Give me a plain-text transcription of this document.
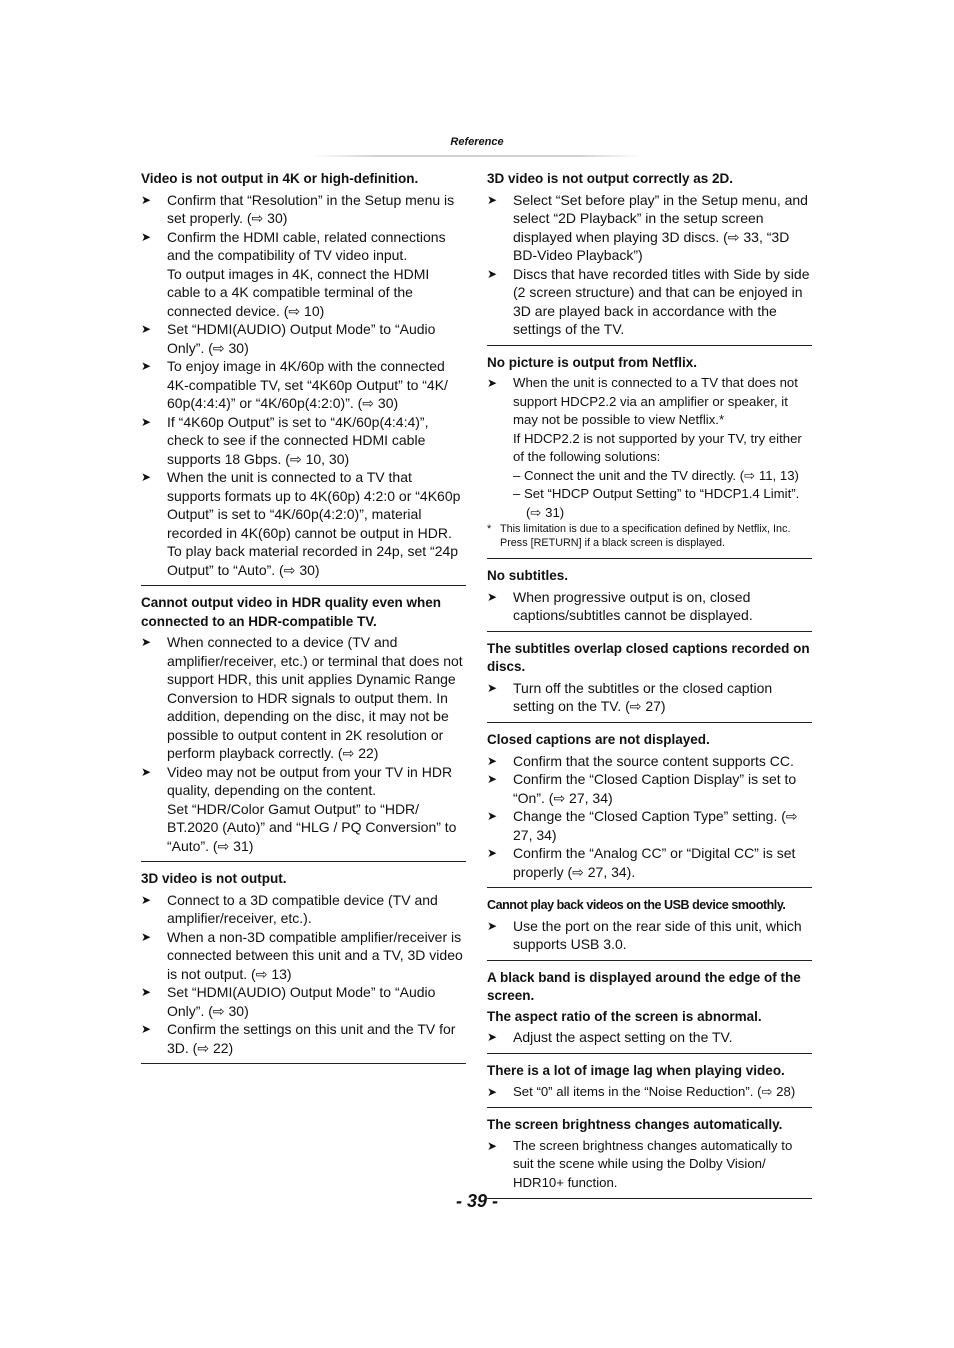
Reference
Video is not output in 4K or high-definition.
➤ Confirm that “Resolution” in the Setup menu is set properly. (⇨ 30)
➤ Confirm the HDMI cable, related connections and the compatibility of TV video input.
To output images in 4K, connect the HDMI cable to a 4K compatible terminal of the connected device. (⇨ 10)
➤ Set “HDMI(AUDIO) Output Mode” to “Audio Only”. (⇨ 30)
➤ To enjoy image in 4K/60p with the connected 4K-compatible TV, set “4K60p Output” to “4K/ 60p(4:4:4)” or “4K/60p(4:2:0)”. (⇨ 30)
➤ If “4K60p Output” is set to “4K/60p(4:4:4)”, check to see if the connected HDMI cable supports 18 Gbps. (⇨ 10, 30)
➤ When the unit is connected to a TV that supports formats up to 4K(60p) 4:2:0 or “4K60p Output” is set to “4K/60p(4:2:0)”, material recorded in 4K(60p) cannot be output in HDR.
To play back material recorded in 24p, set “24p Output” to “Auto”. (⇨ 30)
Cannot output video in HDR quality even when connected to an HDR-compatible TV.
➤ When connected to a device (TV and amplifier/receiver, etc.) or terminal that does not support HDR, this unit applies Dynamic Range Conversion to HDR signals to output them. In addition, depending on the disc, it may not be possible to output content in 2K resolution or perform playback correctly. (⇨ 22)
➤ Video may not be output from your TV in HDR quality, depending on the content.
Set “HDR/Color Gamut Output” to “HDR/ BT.2020 (Auto)” and “HLG / PQ Conversion” to “Auto”. (⇨ 31)
3D video is not output.
➤ Connect to a 3D compatible device (TV and amplifier/receiver, etc.).
➤ When a non-3D compatible amplifier/receiver is connected between this unit and a TV, 3D video is not output. (⇨ 13)
➤ Set “HDMI(AUDIO) Output Mode” to “Audio Only”. (⇨ 30)
➤ Confirm the settings on this unit and the TV for 3D. (⇨ 22)
3D video is not output correctly as 2D.
➤ Select “Set before play” in the Setup menu, and select “2D Playback” in the setup screen displayed when playing 3D discs. (⇨ 33, “3D BD-Video Playback”)
➤ Discs that have recorded titles with Side by side (2 screen structure) and that can be enjoyed in 3D are played back in accordance with the settings of the TV.
No picture is output from Netflix.
➤ When the unit is connected to a TV that does not support HDCP2.2 via an amplifier or speaker, it may not be possible to view Netflix.*
If HDCP2.2 is not supported by your TV, try either of the following solutions:
– Connect the unit and the TV directly. (⇨ 11, 13)
– Set “HDCP Output Setting” to “HDCP1.4 Limit”. (⇨ 31)
* This limitation is due to a specification defined by Netflix, Inc. Press [RETURN] if a black screen is displayed.
No subtitles.
➤ When progressive output is on, closed captions/subtitles cannot be displayed.
The subtitles overlap closed captions recorded on discs.
➤ Turn off the subtitles or the closed caption setting on the TV. (⇨ 27)
Closed captions are not displayed.
➤ Confirm that the source content supports CC.
➤ Confirm the “Closed Caption Display” is set to “On”. (⇨ 27, 34)
➤ Change the “Closed Caption Type” setting. (⇨ 27, 34)
➤ Confirm the “Analog CC” or “Digital CC” is set properly (⇨ 27, 34).
Cannot play back videos on the USB device smoothly.
➤ Use the port on the rear side of this unit, which supports USB 3.0.
A black band is displayed around the edge of the screen.
The aspect ratio of the screen is abnormal.
➤ Adjust the aspect setting on the TV.
There is a lot of image lag when playing video.
➤ Set “0” all items in the “Noise Reduction”. (⇨ 28)
The screen brightness changes automatically.
➤ The screen brightness changes automatically to suit the scene while using the Dolby Vision/ HDR10+ function.
- 39 -
